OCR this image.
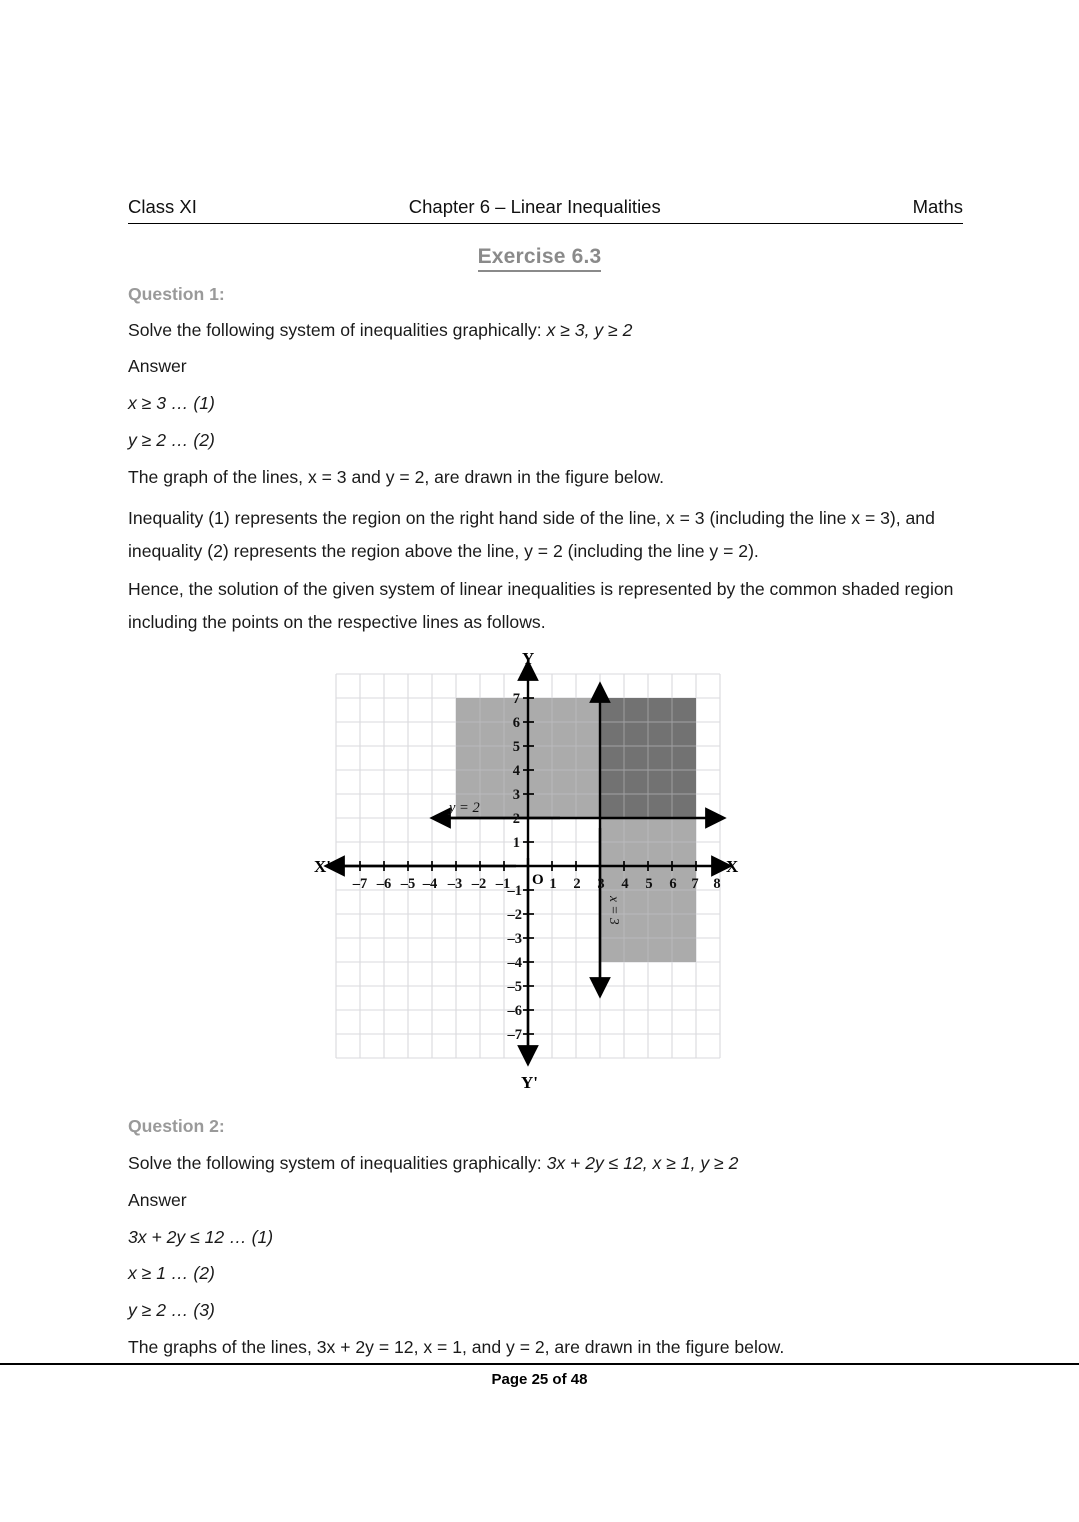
Class XI	Chapter 6 – Linear Inequalities	Maths
Exercise 6.3
Question 1:
Solve the following system of inequalities graphically: x ≥ 3, y ≥ 2
Answer
x ≥ 3 … (1)
y ≥ 2 … (2)
The graph of the lines, x = 3 and y = 2, are drawn in the figure below.
Inequality (1) represents the region on the right hand side of the line, x = 3 (including the line x = 3), and inequality (2) represents the region above the line, y = 2 (including the line y = 2).
Hence, the solution of the given system of linear inequalities is represented by the common shaded region including the points on the respective lines as follows.
X
X'
Y
Y'
O
–7 –6 –5 –4 –3 –2 –1	1 2 3 4 5 6 7 8
7
6
5
4
3
2
1
–1
–2
–3
–4
–5
–6
–7
y = 2
x = 3
Question 2:
Solve the following system of inequalities graphically: 3x + 2y ≤ 12, x ≥ 1, y ≥ 2
Answer
3x + 2y ≤ 12 … (1)
x ≥ 1 … (2)
y ≥ 2 … (3)
The graphs of the lines, 3x + 2y = 12, x = 1, and y = 2, are drawn in the figure below.
Page 25 of 48
